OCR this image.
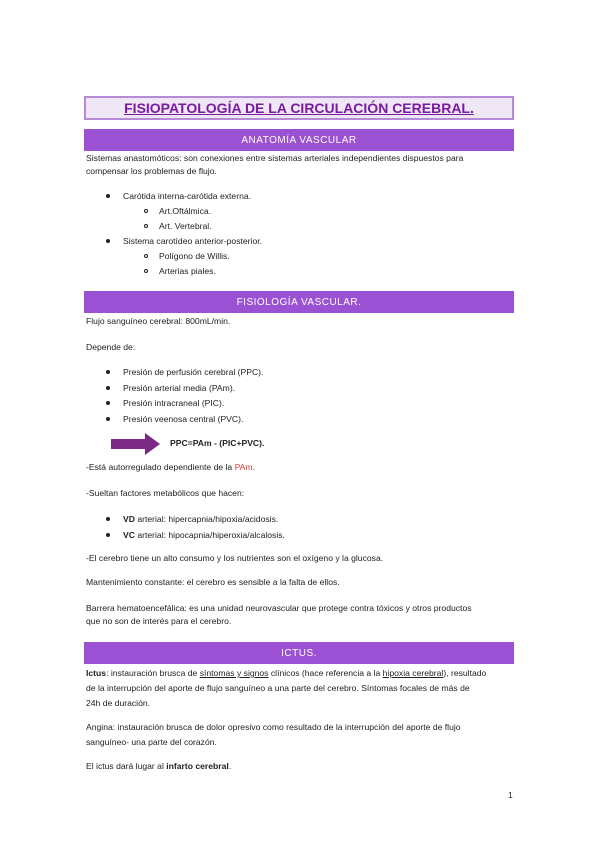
FISIOPATOLOGÍA DE LA CIRCULACIÓN CEREBRAL.
ANATOMÍA VASCULAR
Sistemas anastomóticos: son conexiones entre sistemas arteriales independientes dispuestos para
compensar los problemas de flujo.
Carótida interna-carótida externa.
Art.Oftálmica.
Art. Vertebral.
Sistema carotídeo anterior-posterior.
Polígono de Willis.
Arterias piales.
FISIOLOGÍA VASCULAR.
Flujo sanguíneo cerebral: 800mL/min.
Depende de:
Presión de perfusión cerebral (PPC).
Presión arterial media (PAm).
Presión intracraneal (PIC).
Presión veenosa central (PVC).
PPC=PAm - (PIC+PVC).
-Está autorregulado dependiente de la PAm.
-Sueltan factores metabólicos que hacen:
VD arterial: hipercapnia/hipoxia/acidosis.
VC arterial: hipocapnia/hiperoxia/alcalosis.
-El cerebro tiene un alto consumo y los nutrientes son el oxígeno y la glucosa.
Mantenimiento constante: el cerebro es sensible a la falta de ellos.
Barrera hematoencefálica: es una unidad neurovascular que protege contra tóxicos y otros productos
que no son de interés para el cerebro.
ICTUS.
Ictus: instauración brusca de síntomas y signos clínicos (hace referencia a la hipoxia cerebral), resultado
de la interrupción del aporte de flujo sanguíneo a una parte del cerebro. Síntomas focales de más de
24h de duración.
Angina: instauración brusca de dolor opresivo como resultado de la interrupción del aporte de flujo
sanguíneo- una parte del corazón.
El ictus dará lugar al infarto cerebral.
1
